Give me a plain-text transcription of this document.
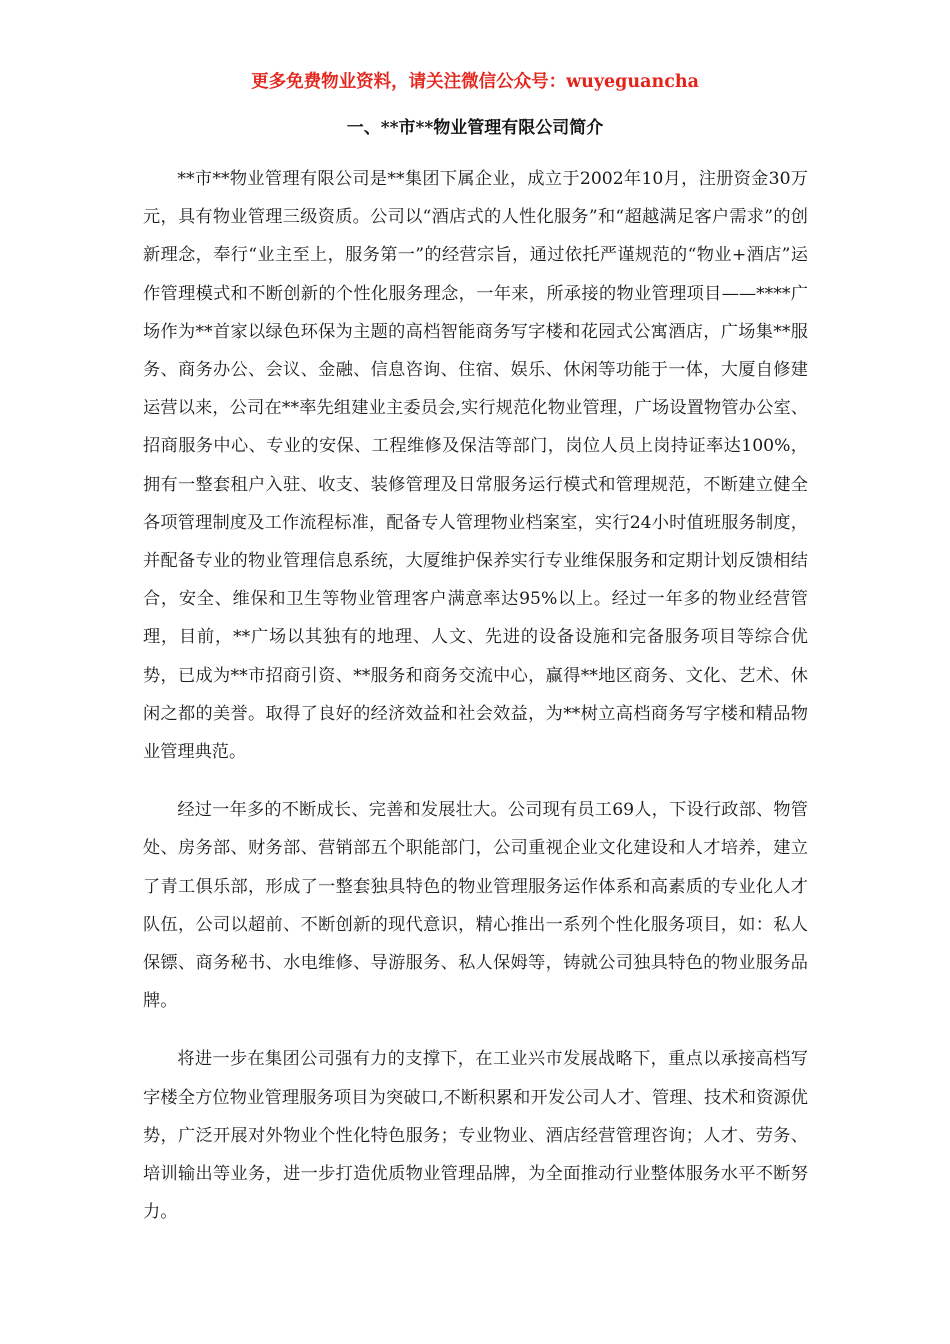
更多免费物业资料，请关注微信公众号：wuyeguancha
一、**市**物业管理有限公司简介

**市**物业管理有限公司是**集团下属企业，成立于2002年10月，注册资金30万元，具有物业管理三级资质。公司以“酒店式的人性化服务”和“超越满足客户需求”的创新理念，奉行“业主至上，服务第一”的经营宗旨，通过依托严谨规范的“物业+酒店”运作管理模式和不断创新的个性化服务理念，一年来，所承接的物业管理项目——****广场作为**首家以绿色环保为主题的高档智能商务写字楼和花园式公寓酒店，广场集**服务、商务办公、会议、金融、信息咨询、住宿、娱乐、休闲等功能于一体，大厦自修建运营以来，公司在**率先组建业主委员会,实行规范化物业管理，广场设置物管办公室、招商服务中心、专业的安保、工程维修及保洁等部门，岗位人员上岗持证率达100%，拥有一整套租户入驻、收支、装修管理及日常服务运行模式和管理规范，不断建立健全各项管理制度及工作流程标准，配备专人管理物业档案室，实行24小时值班服务制度，并配备专业的物业管理信息系统，大厦维护保养实行专业维保服务和定期计划反馈相结合，安全、维保和卫生等物业管理客户满意率达95%以上。经过一年多的物业经营管理，目前，**广场以其独有的地理、人文、先进的设备设施和完备服务项目等综合优势，已成为**市招商引资、**服务和商务交流中心，赢得**地区商务、文化、艺术、休闲之都的美誉。取得了良好的经济效益和社会效益，为**树立高档商务写字楼和精品物业管理典范。

经过一年多的不断成长、完善和发展壮大。公司现有员工69人，下设行政部、物管处、房务部、财务部、营销部五个职能部门，公司重视企业文化建设和人才培养，建立了青工俱乐部，形成了一整套独具特色的物业管理服务运作体系和高素质的专业化人才队伍，公司以超前、不断创新的现代意识，精心推出一系列个性化服务项目，如：私人保镖、商务秘书、水电维修、导游服务、私人保姆等，铸就公司独具特色的物业服务品牌。

将进一步在集团公司强有力的支撑下，在工业兴市发展战略下，重点以承接高档写字楼全方位物业管理服务项目为突破口,不断积累和开发公司人才、管理、技术和资源优势，广泛开展对外物业个性化特色服务；专业物业、酒店经营管理咨询；人才、劳务、培训输出等业务，进一步打造优质物业管理品牌，为全面推动行业整体服务水平不断努力。
